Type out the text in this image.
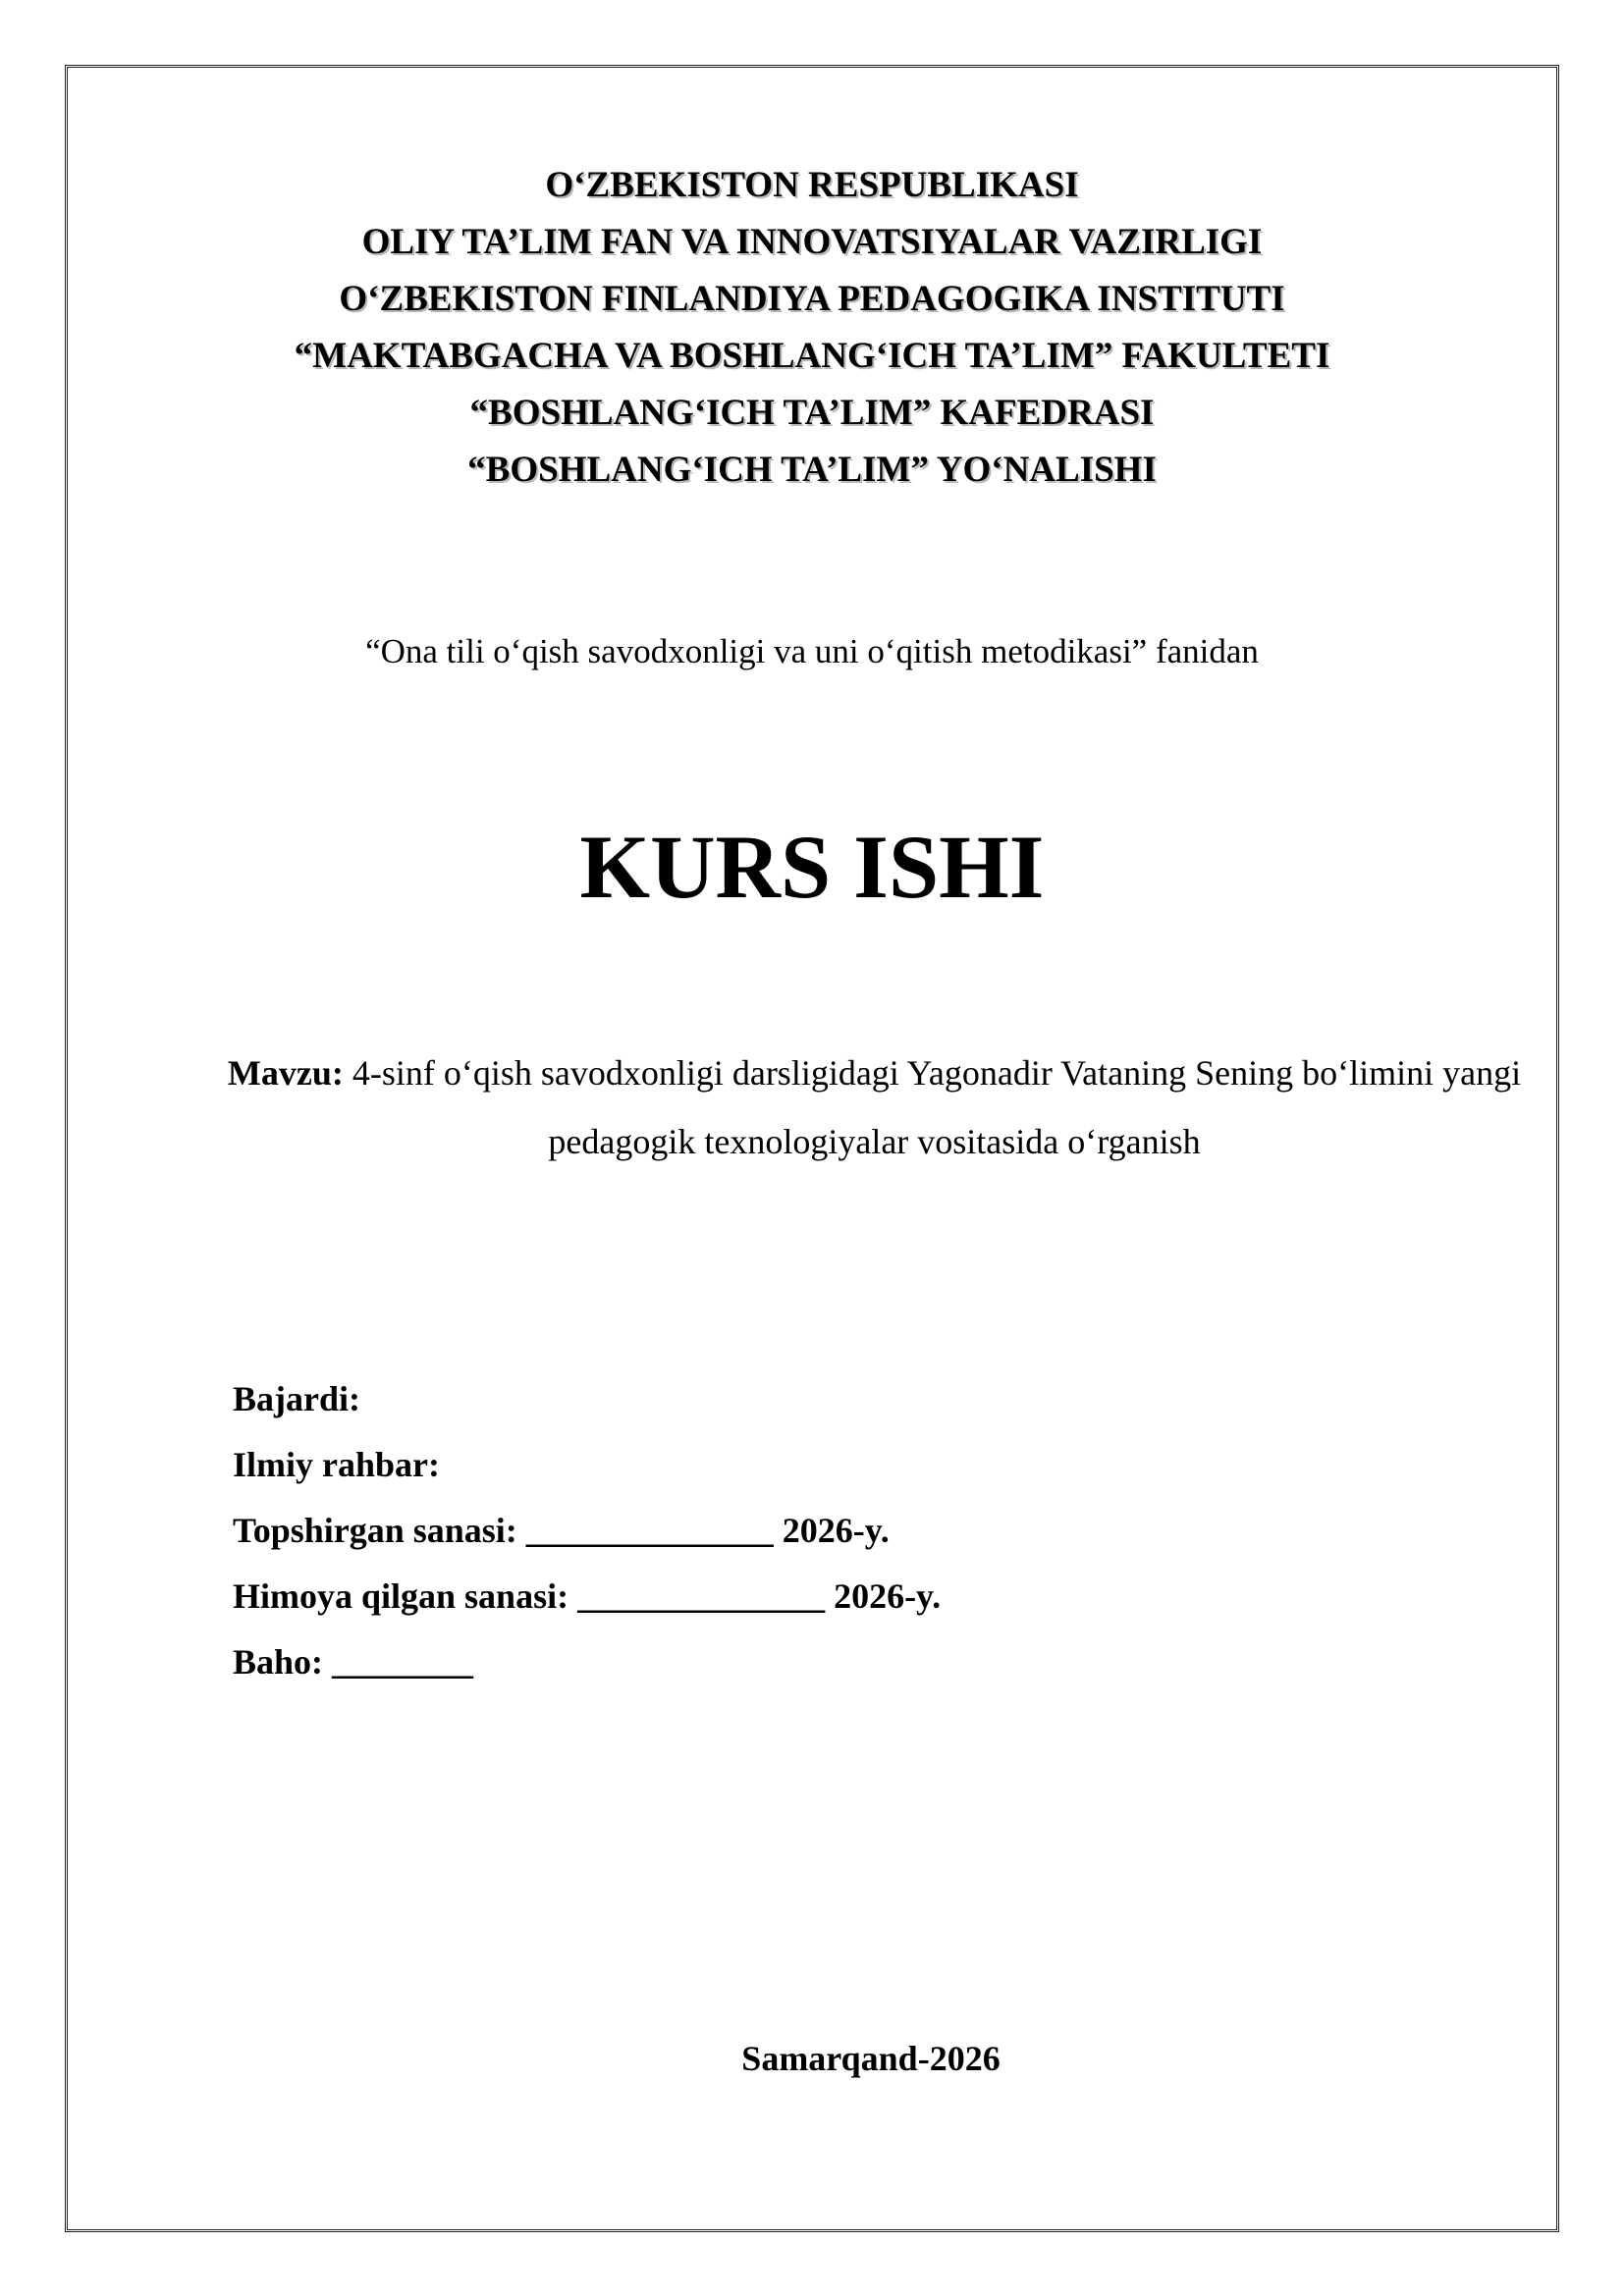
O‘ZBEKISTON RESPUBLIKASI
OLIY TA’LIM FAN VA INNOVATSIYALAR VAZIRLIGI
O‘ZBEKISTON FINLANDIYA PEDAGOGIKA INSTITUTI
“MAKTABGACHA VA BOSHLANG‘ICH TA’LIM” FAKULTETI
“BOSHLANG‘ICH TA’LIM” KAFEDRASI
“BOSHLANG‘ICH TA’LIM” YO‘NALISHI
“Ona tili o‘qish savodxonligi va uni o‘qitish metodikasi” fanidan
KURS ISHI
Mavzu: 4-sinf o‘qish savodxonligi darsligidagi Yagonadir Vataning Sening bo‘limini yangi pedagogik texnologiyalar vositasida o‘rganish
Bajardi:
Ilmiy rahbar:
Topshirgan sanasi: ______________ 2026-y.
Himoya qilgan sanasi: ______________ 2026-y.
Baho: ________
Samarqand-2026
